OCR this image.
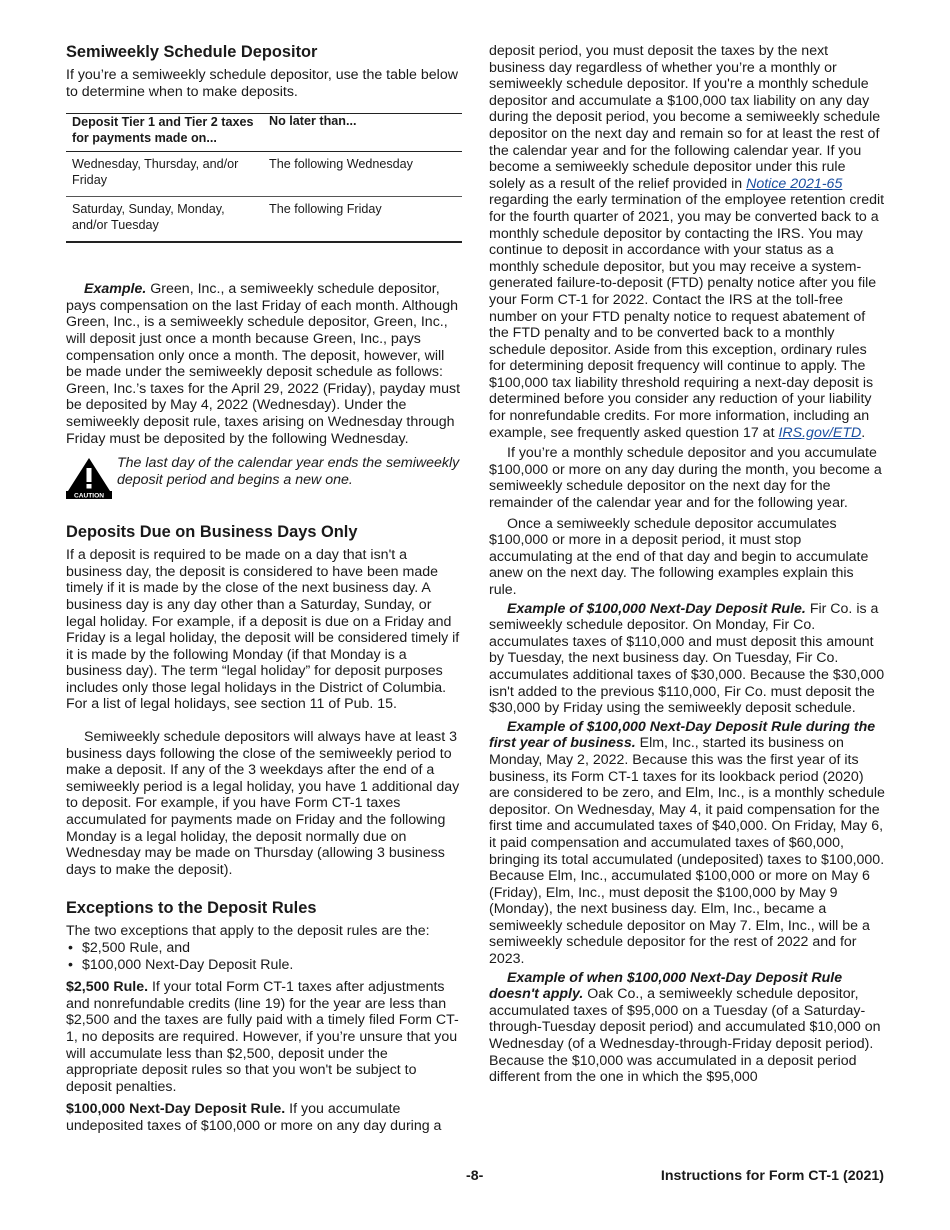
Semiweekly Schedule Depositor

If you’re a semiweekly schedule depositor, use the table below to determine when to make deposits.

Deposit Tier 1 and Tier 2 taxes for payments made on...	No later than...
Wednesday, Thursday, and/or Friday	The following Wednesday
Saturday, Sunday, Monday, and/or Tuesday	The following Friday

Example. Green, Inc., a semiweekly schedule depositor, pays compensation on the last Friday of each month. Although Green, Inc., is a semiweekly schedule depositor, Green, Inc., will deposit just once a month because Green, Inc., pays compensation only once a month. The deposit, however, will be made under the semiweekly deposit schedule as follows: Green, Inc.’s taxes for the April 29, 2022 (Friday), payday must be deposited by May 4, 2022 (Wednesday). Under the semiweekly deposit rule, taxes arising on Wednesday through Friday must be deposited by the following Wednesday.

CAUTION

The last day of the calendar year ends the semiweekly deposit period and begins a new one.

Deposits Due on Business Days Only

If a deposit is required to be made on a day that isn't a business day, the deposit is considered to have been made timely if it is made by the close of the next business day. A business day is any day other than a Saturday, Sunday, or legal holiday. For example, if a deposit is due on a Friday and Friday is a legal holiday, the deposit will be considered timely if it is made by the following Monday (if that Monday is a business day). The term “legal holiday” for deposit purposes includes only those legal holidays in the District of Columbia. For a list of legal holidays, see section 11 of Pub. 15.

Semiweekly schedule depositors will always have at least 3 business days following the close of the semiweekly period to make a deposit. If any of the 3 weekdays after the end of a semiweekly period is a legal holiday, you have 1 additional day to deposit. For example, if you have Form CT-1 taxes accumulated for payments made on Friday and the following Monday is a legal holiday, the deposit normally due on Wednesday may be made on Thursday (allowing 3 business days to make the deposit).

Exceptions to the Deposit Rules

The two exceptions that apply to the deposit rules are the:

• $2,500 Rule, and
• $100,000 Next-Day Deposit Rule.

$2,500 Rule. If your total Form CT-1 taxes after adjustments and nonrefundable credits (line 19) for the year are less than $2,500 and the taxes are fully paid with a timely filed Form CT-1, no deposits are required. However, if you’re unsure that you will accumulate less than $2,500, deposit under the appropriate deposit rules so that you won't be subject to deposit penalties.

$100,000 Next-Day Deposit Rule. If you accumulate undeposited taxes of $100,000 or more on any day during a

deposit period, you must deposit the taxes by the next business day regardless of whether you’re a monthly or semiweekly schedule depositor. If you're a monthly schedule depositor and accumulate a $100,000 tax liability on any day during the deposit period, you become a semiweekly schedule depositor on the next day and remain so for at least the rest of the calendar year and for the following calendar year. If you become a semiweekly schedule depositor under this rule solely as a result of the relief provided in Notice 2021-65 regarding the early termination of the employee retention credit for the fourth quarter of 2021, you may be converted back to a monthly schedule depositor by contacting the IRS. You may continue to deposit in accordance with your status as a monthly schedule depositor, but you may receive a system-generated failure-to-deposit (FTD) penalty notice after you file your Form CT-1 for 2022. Contact the IRS at the toll-free number on your FTD penalty notice to request abatement of the FTD penalty and to be converted back to a monthly schedule depositor. Aside from this exception, ordinary rules for determining deposit frequency will continue to apply. The $100,000 tax liability threshold requiring a next-day deposit is determined before you consider any reduction of your liability for nonrefundable credits. For more information, including an example, see frequently asked question 17 at IRS.gov/ETD.

If you’re a monthly schedule depositor and you accumulate $100,000 or more on any day during the month, you become a semiweekly schedule depositor on the next day for the remainder of the calendar year and for the following year.

Once a semiweekly schedule depositor accumulates $100,000 or more in a deposit period, it must stop accumulating at the end of that day and begin to accumulate anew on the next day. The following examples explain this rule.

Example of $100,000 Next-Day Deposit Rule. Fir Co. is a semiweekly schedule depositor. On Monday, Fir Co. accumulates taxes of $110,000 and must deposit this amount by Tuesday, the next business day. On Tuesday, Fir Co. accumulates additional taxes of $30,000. Because the $30,000 isn't added to the previous $110,000, Fir Co. must deposit the $30,000 by Friday using the semiweekly deposit schedule.

Example of $100,000 Next-Day Deposit Rule during the first year of business. Elm, Inc., started its business on Monday, May 2, 2022. Because this was the first year of its business, its Form CT-1 taxes for its lookback period (2020) are considered to be zero, and Elm, Inc., is a monthly schedule depositor. On Wednesday, May 4, it paid compensation for the first time and accumulated taxes of $40,000. On Friday, May 6, it paid compensation and accumulated taxes of $60,000, bringing its total accumulated (undeposited) taxes to $100,000. Because Elm, Inc., accumulated $100,000 or more on May 6 (Friday), Elm, Inc., must deposit the $100,000 by May 9 (Monday), the next business day. Elm, Inc., became a semiweekly schedule depositor on May 7. Elm, Inc., will be a semiweekly schedule depositor for the rest of 2022 and for 2023.

Example of when $100,000 Next-Day Deposit Rule doesn't apply. Oak Co., a semiweekly schedule depositor, accumulated taxes of $95,000 on a Tuesday (of a Saturday-through-Tuesday deposit period) and accumulated $10,000 on Wednesday (of a Wednesday-through-Friday deposit period). Because the $10,000 was accumulated in a deposit period different from the one in which the $95,000

-8-	Instructions for Form CT-1 (2021)
